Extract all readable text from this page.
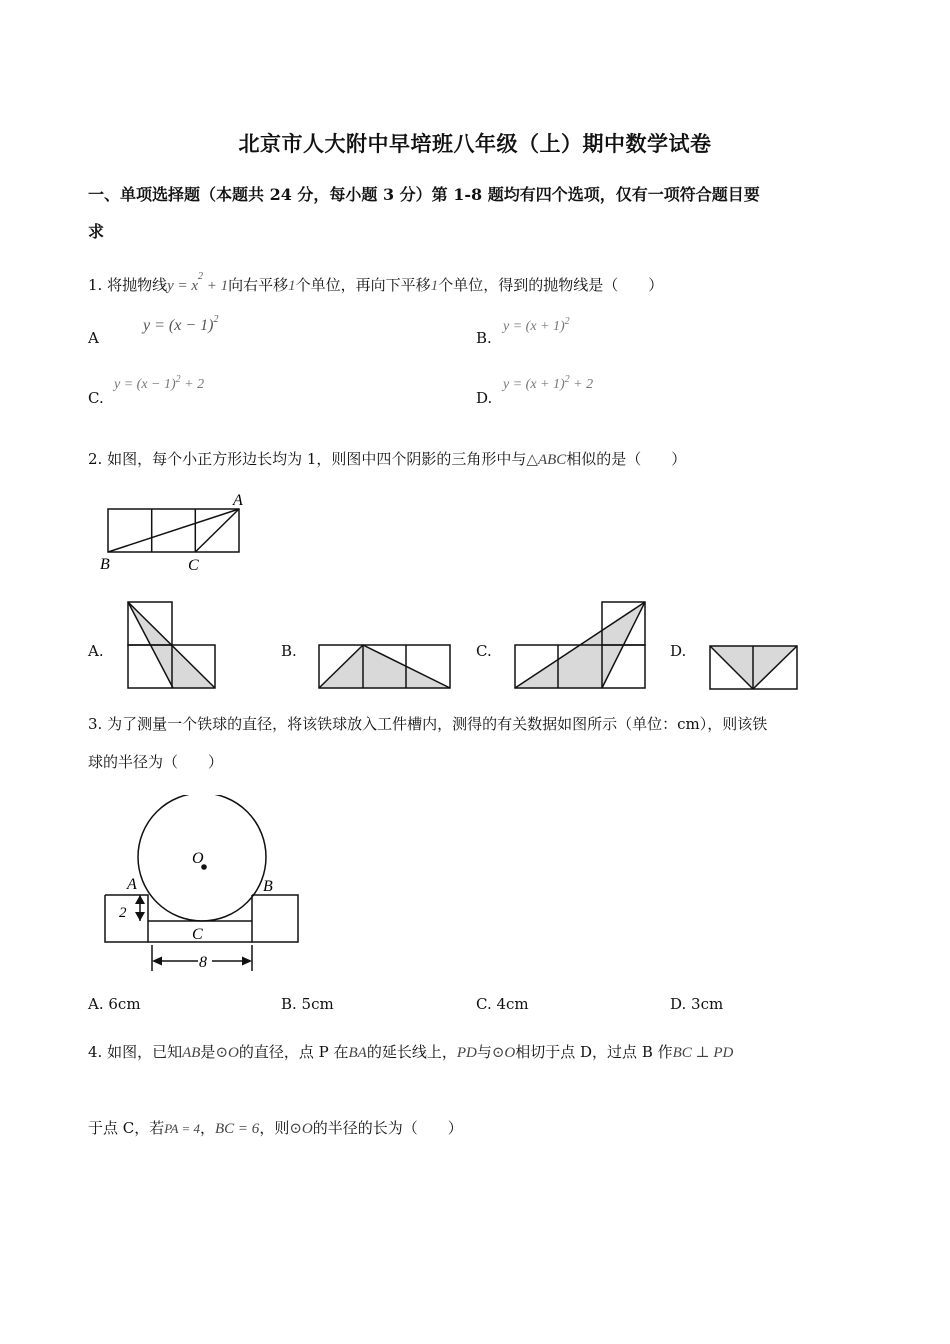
北京市人大附中早培班八年级（上）期中数学试卷
一、单项选择题（本题共 24 分，每小题 3 分）第 1-8 题均有四个选项，仅有一项符合题目要
求
1. 将抛物线$y = x^2 + 1$向右平移1个单位，再向下平移1个单位，得到的抛物线是（　　）
A
$y = (x - 1)^2$
B.
$y = (x + 1)^2$
C.
$y = (x - 1)^2 + 2$
D.
$y = (x + 1)^2 + 2$
2. 如图，每个小正方形边长均为 1，则图中四个阴影的三角形中与△ABC相似的是（　　）
A
B	C
A.	B.	C.	D.
3. 为了测量一个铁球的直径，将该铁球放入工件槽内，测得的有关数据如图所示（单位：cm），则该铁
球的半径为（　　）
O
A	B
C
2
8
A. 6cm	B. 5cm	C. 4cm	D. 3cm
4. 如图，已知AB是⊙O的直径，点 P 在BA的延长线上，PD与⊙O相切于点 D，过点 B 作BC ⊥ PD
于点 C，若PA = 4，BC = 6，则⊙O的半径的长为（　　）
